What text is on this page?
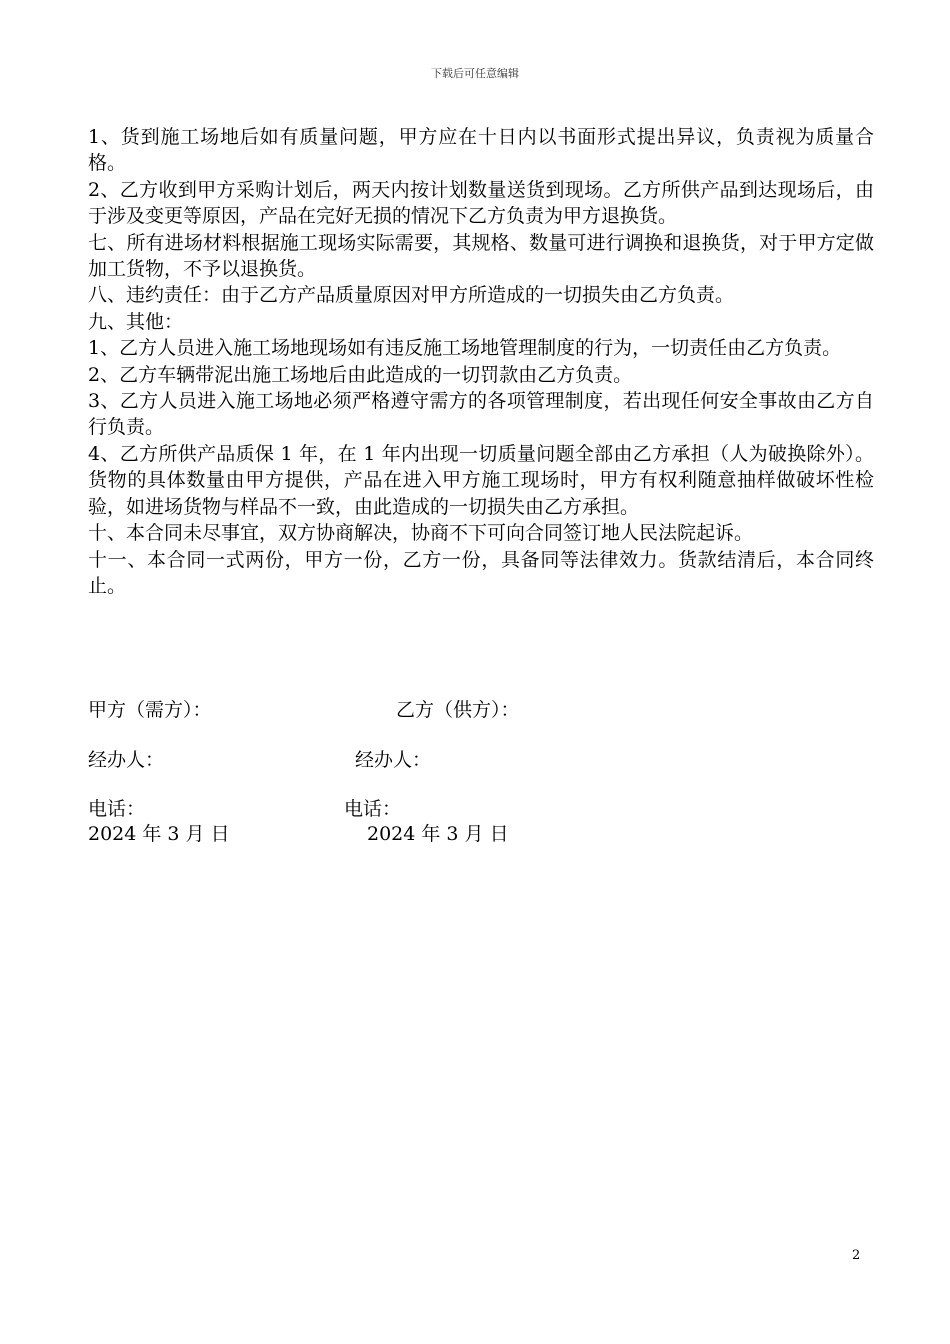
下载后可任意编辑

1、货到施工场地后如有质量问题，甲方应在十日内以书面形式提出异议，负责视为质量合格。

2、乙方收到甲方采购计划后，两天内按计划数量送货到现场。乙方所供产品到达现场后，由于涉及变更等原因，产品在完好无损的情况下乙方负责为甲方退换货。

七、所有进场材料根据施工现场实际需要，其规格、数量可进行调换和退换货，对于甲方定做加工货物，不予以退换货。

八、违约责任：由于乙方产品质量原因对甲方所造成的一切损失由乙方负责。

九、其他：

1、乙方人员进入施工场地现场如有违反施工场地管理制度的行为，一切责任由乙方负责。

2、乙方车辆带泥出施工场地后由此造成的一切罚款由乙方负责。

3、乙方人员进入施工场地必须严格遵守需方的各项管理制度，若出现任何安全事故由乙方自行负责。

4、乙方所供产品质保 1 年，在 1 年内出现一切质量问题全部由乙方承担（人为破换除外）。货物的具体数量由甲方提供，产品在进入甲方施工现场时，甲方有权利随意抽样做破坏性检验，如进场货物与样品不一致，由此造成的一切损失由乙方承担。

十、本合同未尽事宜，双方协商解决，协商不下可向合同签订地人民法院起诉。

十一、本合同一式两份，甲方一份，乙方一份，具备同等法律效力。货款结清后，本合同终止。

甲方（需方）：	乙方（供方）：
经办人：	经办人：
电话：	电话：
2024 年 3 月 日	2024 年 3 月 日
2
